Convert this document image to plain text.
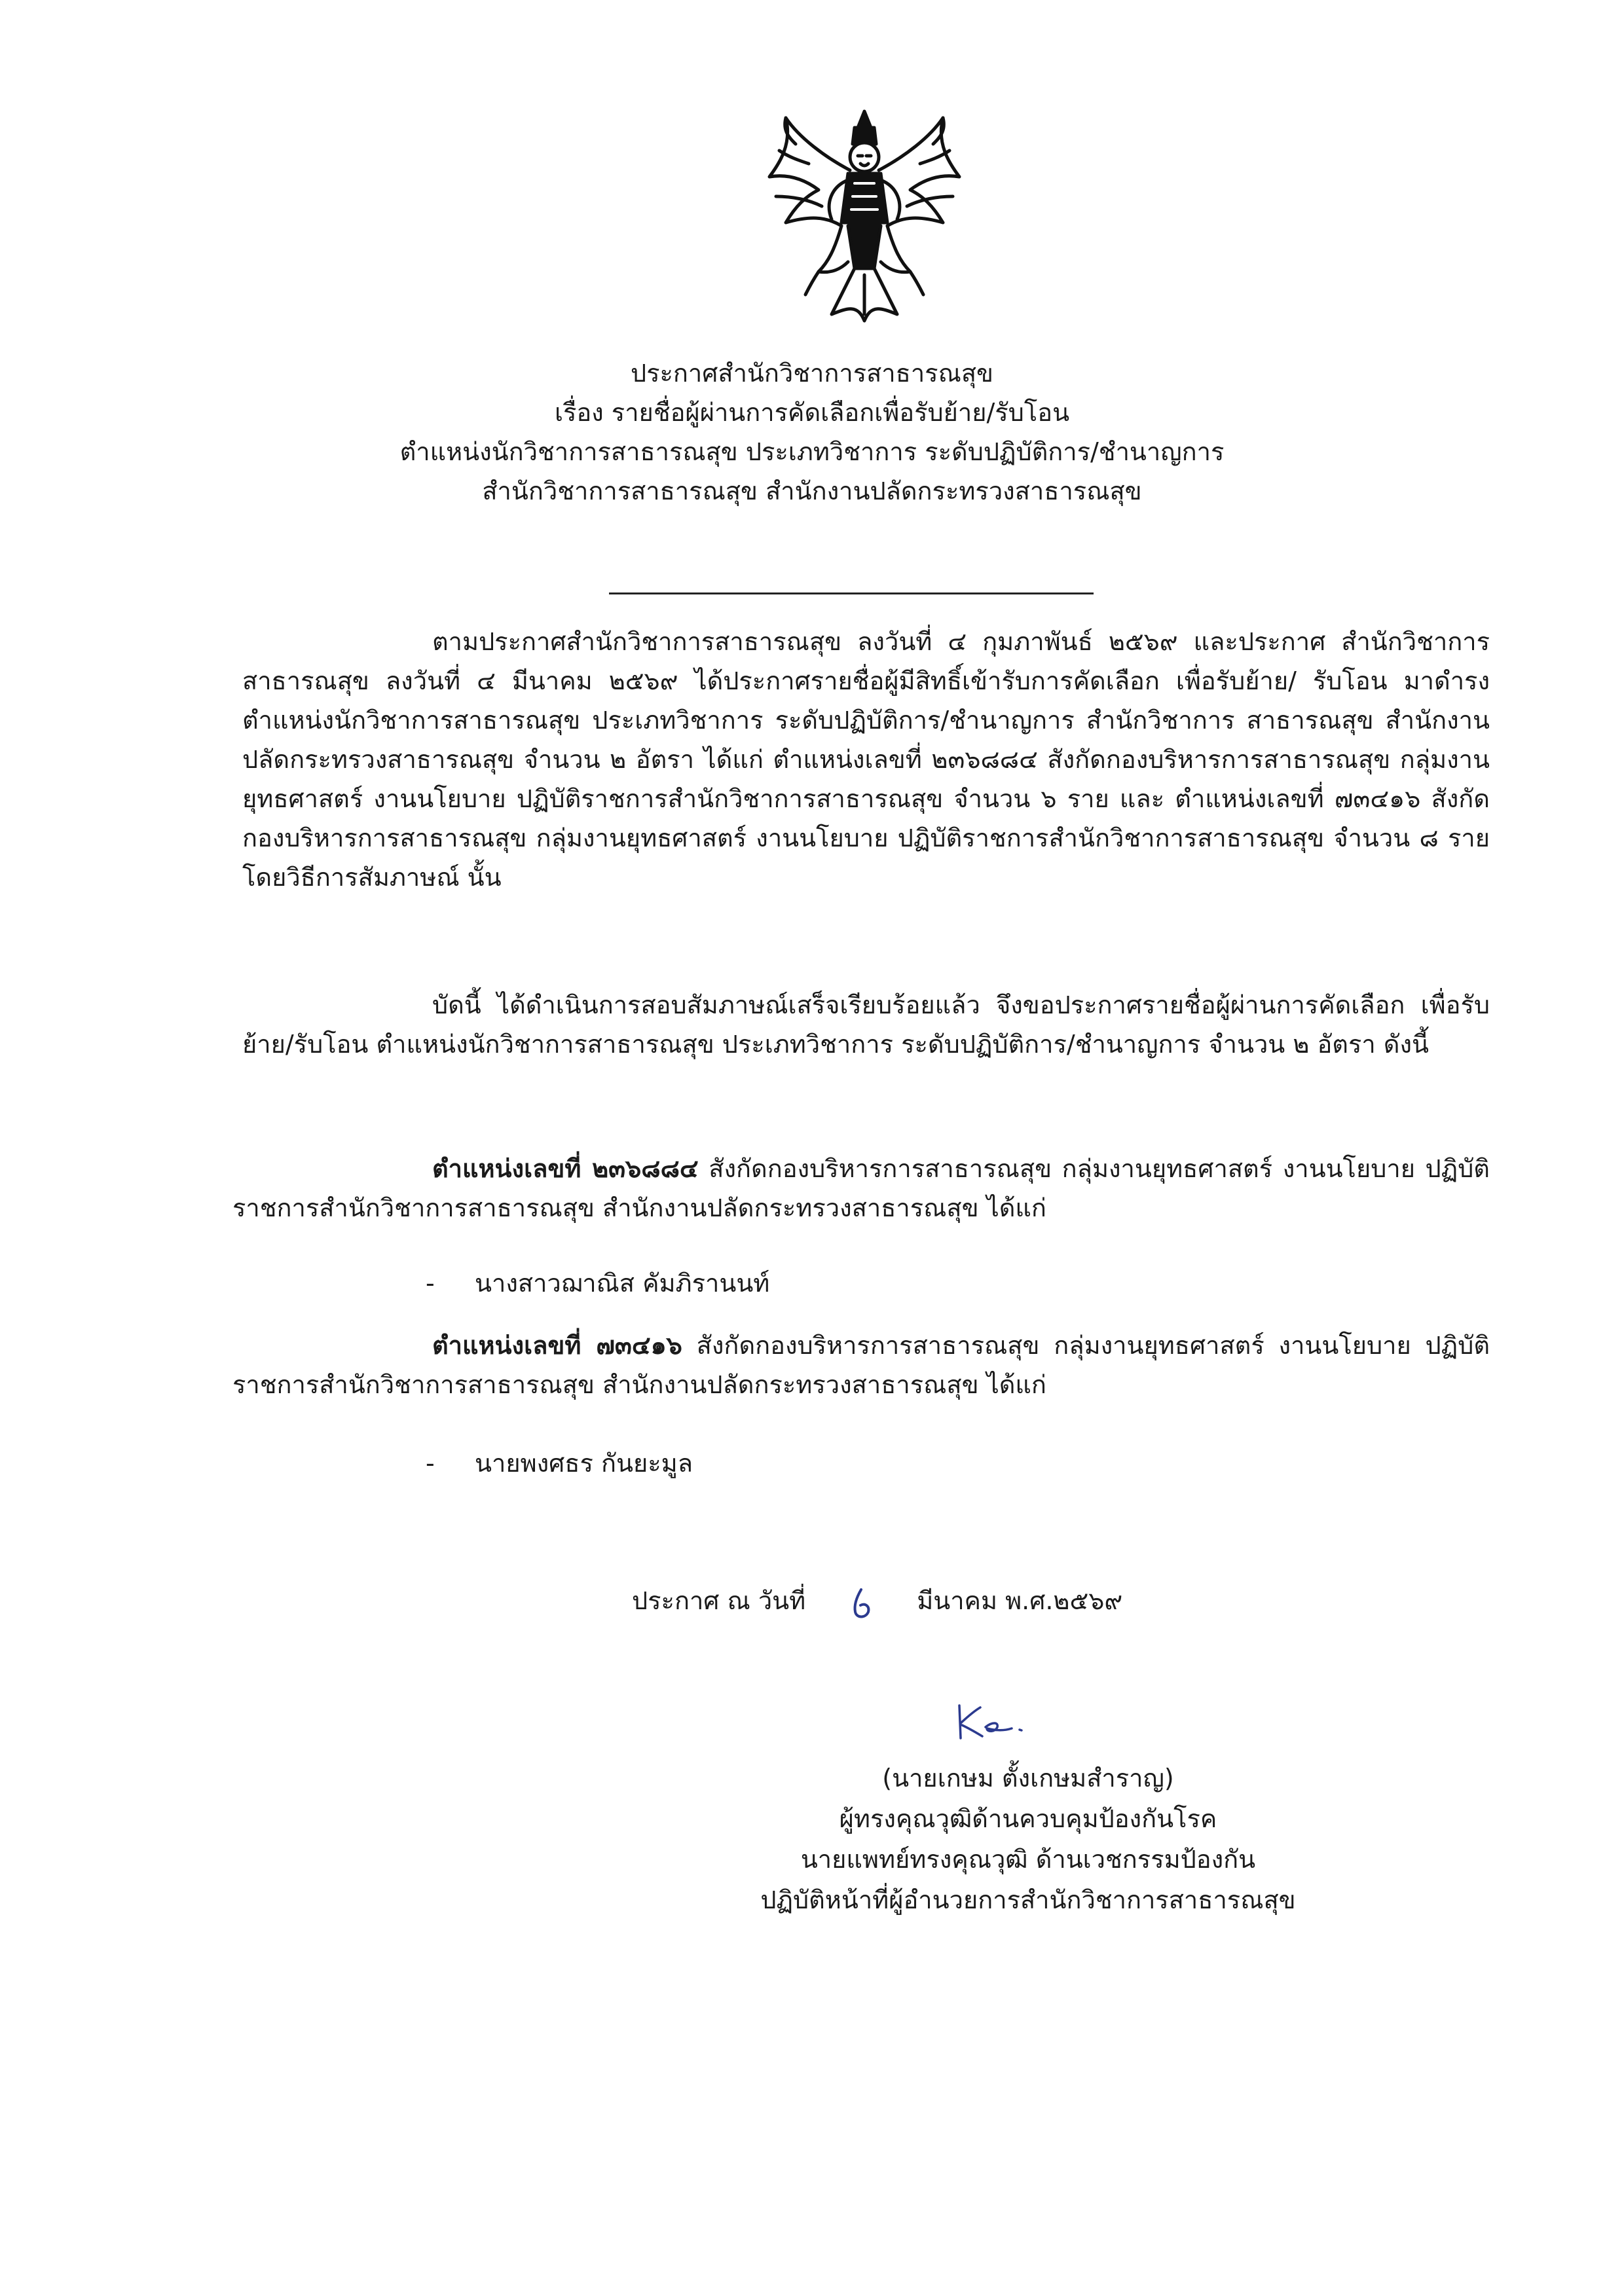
ประกาศสำนักวิชาการสาธารณสุข
เรื่อง รายชื่อผู้ผ่านการคัดเลือกเพื่อรับย้าย/รับโอน
ตำแหน่งนักวิชาการสาธารณสุข ประเภทวิชาการ ระดับปฏิบัติการ/ชำนาญการ
สำนักวิชาการสาธารณสุข สำนักงานปลัดกระทรวงสาธารณสุข
ตามประกาศสำนักวิชาการสาธารณสุข ลงวันที่ ๔ กุมภาพันธ์ ๒๕๖๙ และประกาศ สำนักวิชาการสาธารณสุข ลงวันที่ ๔ มีนาคม ๒๕๖๙ ได้ประกาศรายชื่อผู้มีสิทธิ์เข้ารับการคัดเลือก เพื่อรับย้าย/ รับโอน มาดำรงตำแหน่งนักวิชาการสาธารณสุข ประเภทวิชาการ ระดับปฏิบัติการ/ชำนาญการ สำนักวิชาการ สาธารณสุข สำนักงานปลัดกระทรวงสาธารณสุข จำนวน ๒ อัตรา ได้แก่ ตำแหน่งเลขที่ ๒๓๖๘๘๔ สังกัดกองบริหารการสาธารณสุข กลุ่มงานยุทธศาสตร์ งานนโยบาย ปฏิบัติราชการสำนักวิชาการสาธารณสุข จำนวน ๖ ราย และ ตำแหน่งเลขที่ ๗๓๔๑๖ สังกัดกองบริหารการสาธารณสุข กลุ่มงานยุทธศาสตร์ งานนโยบาย ปฏิบัติราชการสำนักวิชาการสาธารณสุข จำนวน ๘ ราย โดยวิธีการสัมภาษณ์ นั้น
บัดนี้ ได้ดำเนินการสอบสัมภาษณ์เสร็จเรียบร้อยแล้ว จึงขอประกาศรายชื่อผู้ผ่านการคัดเลือก เพื่อรับย้าย/รับโอน ตำแหน่งนักวิชาการสาธารณสุข ประเภทวิชาการ ระดับปฏิบัติการ/ชำนาญการ จำนวน ๒ อัตรา ดังนี้
ตำแหน่งเลขที่ ๒๓๖๘๘๔ สังกัดกองบริหารการสาธารณสุข กลุ่มงานยุทธศาสตร์ งานนโยบาย ปฏิบัติราชการสำนักวิชาการสาธารณสุข สำนักงานปลัดกระทรวงสาธารณสุข ได้แก่
- นางสาวฌาณิส คัมภิรานนท์
ตำแหน่งเลขที่ ๗๓๔๑๖ สังกัดกองบริหารการสาธารณสุข กลุ่มงานยุทธศาสตร์ งานนโยบาย ปฏิบัติราชการสำนักวิชาการสาธารณสุข สำนักงานปลัดกระทรวงสาธารณสุข ได้แก่
- นายพงศธร กันยะมูล
ประกาศ ณ วันที่	มีนาคม พ.ศ.๒๕๖๙
(นายเกษม ตั้งเกษมสำราญ)
ผู้ทรงคุณวุฒิด้านควบคุมป้องกันโรค
นายแพทย์ทรงคุณวุฒิ ด้านเวชกรรมป้องกัน
ปฏิบัติหน้าที่ผู้อำนวยการสำนักวิชาการสาธารณสุข
